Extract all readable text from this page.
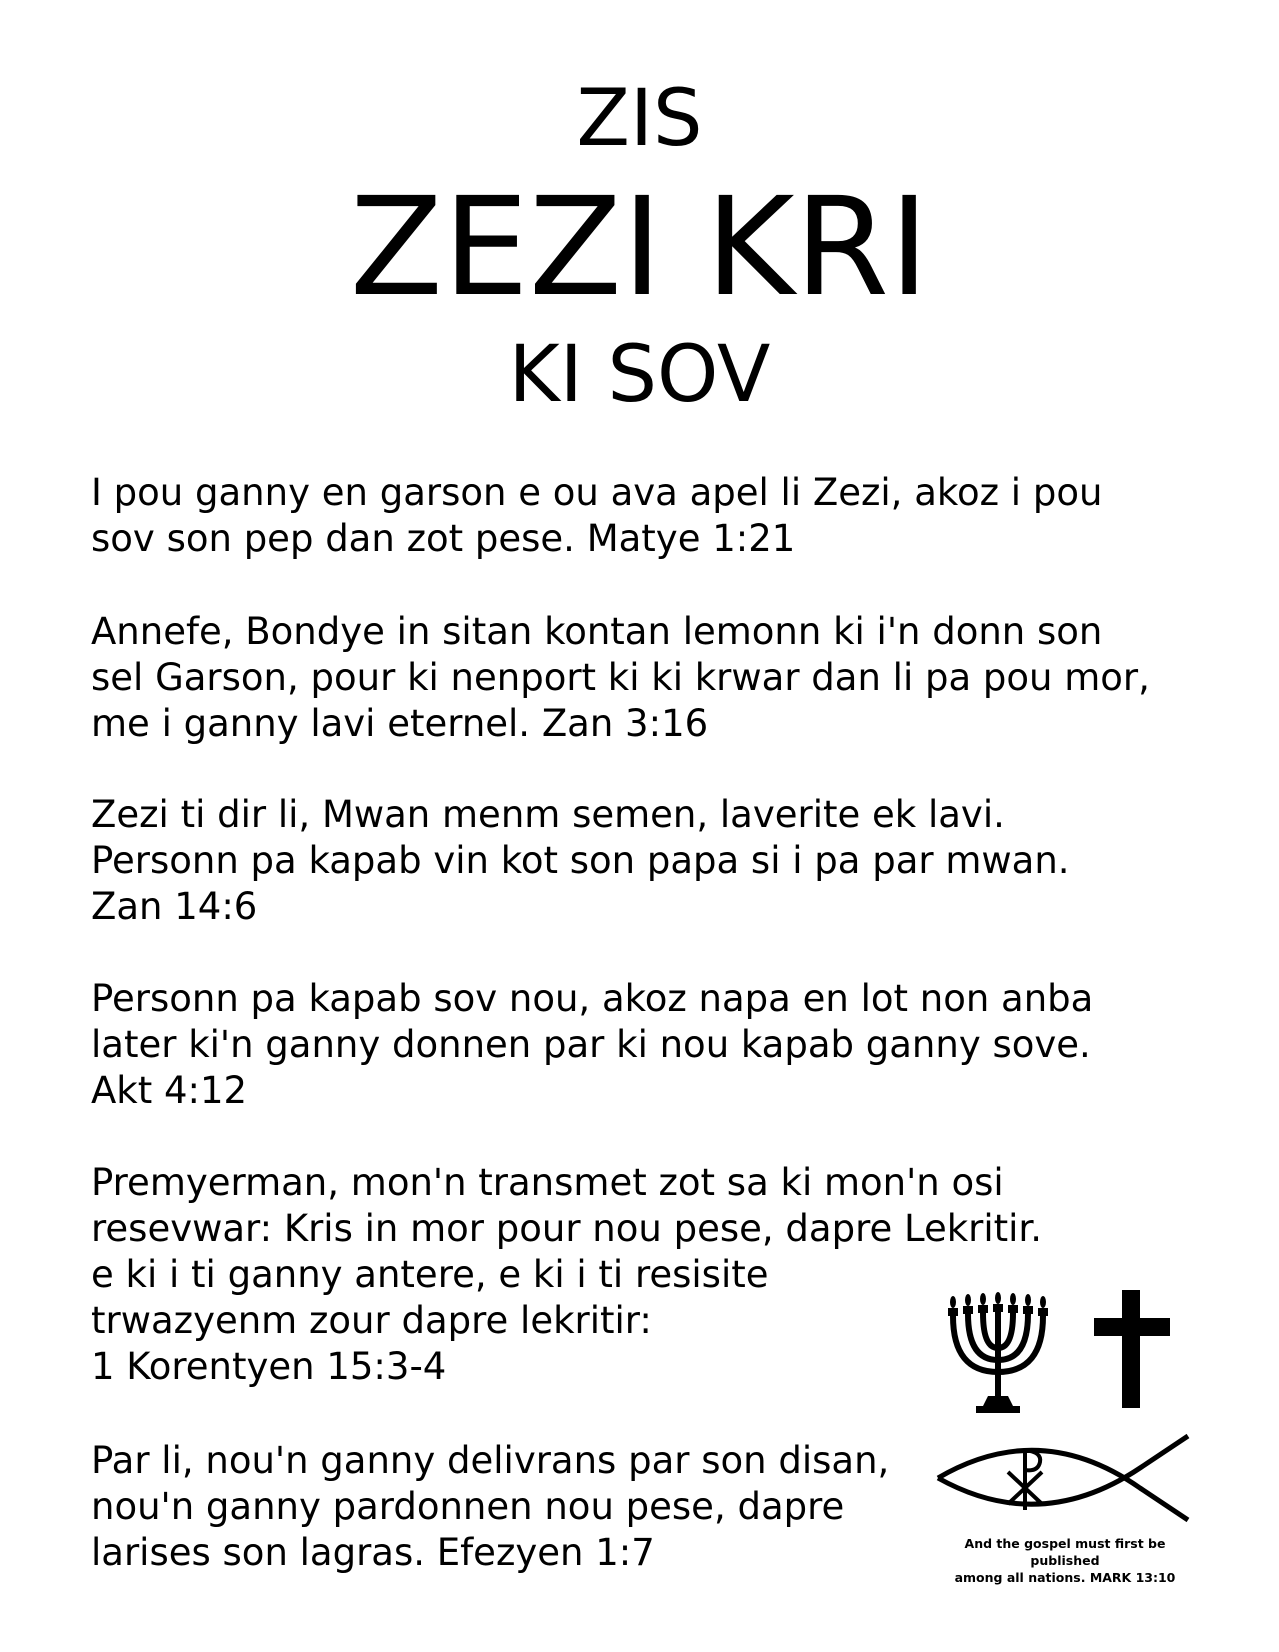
ZIS
ZEZI KRI
KI SOV

I pou ganny en garson e ou ava apel li Zezi, akoz i pou
sov son pep dan zot pese. Matye 1:21

Annefe, Bondye in sitan kontan lemonn ki i'n donn son
sel Garson, pour ki nenport ki ki krwar dan li pa pou mor,
me i ganny lavi eternel. Zan 3:16

Zezi ti dir li, Mwan menm semen, laverite ek lavi.
Personn pa kapab vin kot son papa si i pa par mwan.
Zan 14:6

Personn pa kapab sov nou, akoz napa en lot non anba
later ki'n ganny donnen par ki nou kapab ganny sove.
Akt 4:12

Premyerman, mon'n transmet zot sa ki mon'n osi
resevwar: Kris in mor pour nou pese, dapre Lekritir.
e ki i ti ganny antere, e ki i ti resisite
trwazyenm zour dapre lekritir:
1 Korentyen 15:3-4

Par li, nou'n ganny delivrans par son disan,
nou'n ganny pardonnen nou pese, dapre
larises son lagras. Efezyen 1:7	And the gospel must first be published
among all nations. MARK 13:10
